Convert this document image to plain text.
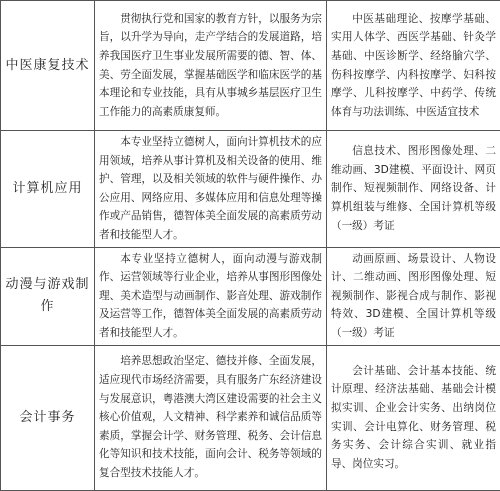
中医康复技术	贯彻执行党和国家的教育方针，以服务为宗旨，以升学为导向，走产学结合的发展道路，培养我国医疗卫生事业发展所需要的德、智、体、美、劳全面发展，掌握基础医学和临床医学的基本理论和专业技能，具有从事城乡基层医疗卫生工作能力的高素质康复师。	中医基础理论、按摩学基础、实用人体学、西医学基础、针灸学基础、中医诊断学、经络腧穴学、伤科按摩学、内科按摩学、妇科按摩学、儿科按摩学、中药学、传统体育与功法训练、中医适宜技术
计算机应用	本专业坚持立德树人，面向计算机技术的应用领域，培养从事计算机及相关设备的使用、维护、管理，以及相关领域的软件与硬件操作、办公应用、网络应用、多媒体应用和信息处理等操作或产品销售，德智体美全面发展的高素质劳动者和技能型人才。	信息技术、图形图像处理、二维动画、3D建模、平面设计、网页制作、短视频制作、网络设备、计算机组装与维修、全国计算机等级（一级）考证
动漫与游戏制作	本专业坚持立德树人，面向动漫与游戏制作、运营领域等行业企业，培养从事图形图像处理、美术造型与动画制作、影音处理、游戏制作及运营等工作，德智体美全面发展的高素质劳动者和技能型人才。	动画原画、场景设计、人物设计、二维动画、图形图像处理、短视频制作、影视合成与制作、影视特效、3D建模、全国计算机等级（一级）考证
会计事务	培养思想政治坚定、德技并修、全面发展，适应现代市场经济需要，具有服务广东经济建设与发展意识，粤港澳大湾区建设需要的社会主义核心价值观，人文精神、科学素养和诚信品质等素质，掌握会计学、财务管理、税务、会计信息化等知识和技术技能，面向会计、税务等领域的复合型技术技能人才。	会计基础、会计基本技能、统计原理、经济法基础、基础会计模拟实训、企业会计实务、出纳岗位实训、会计电算化、财务管理、税务实务、会计综合实训、就业指导、岗位实习。
